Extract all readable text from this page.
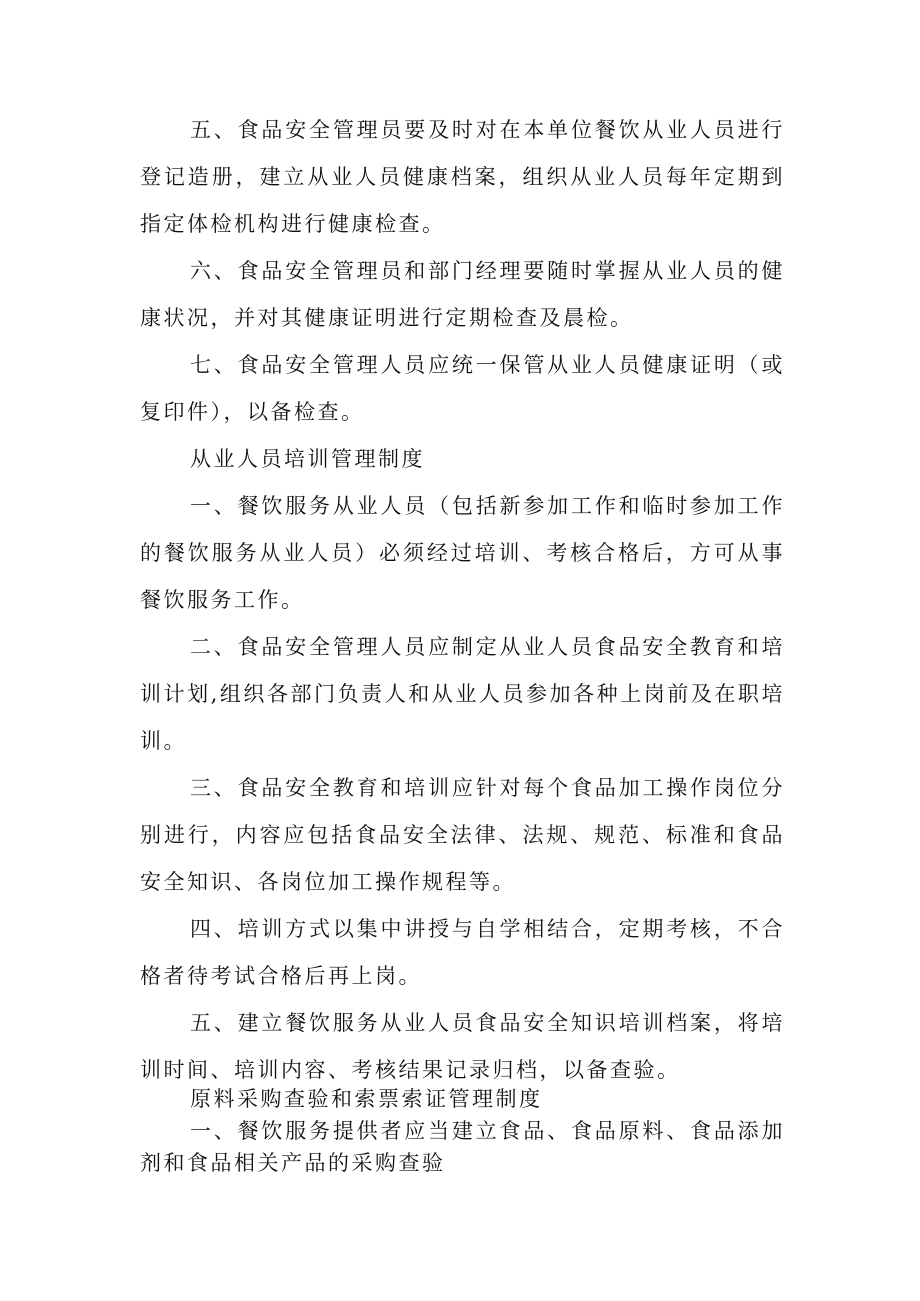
五、食品安全管理员要及时对在本单位餐饮从业人员进行登记造册，建立从业人员健康档案，组织从业人员每年定期到指定体检机构进行健康检查。

六、食品安全管理员和部门经理要随时掌握从业人员的健康状况，并对其健康证明进行定期检查及晨检。

七、食品安全管理人员应统一保管从业人员健康证明（或复印件），以备检查。

从业人员培训管理制度

一、餐饮服务从业人员（包括新参加工作和临时参加工作的餐饮服务从业人员）必须经过培训、考核合格后，方可从事餐饮服务工作。

二、食品安全管理人员应制定从业人员食品安全教育和培训计划,组织各部门负责人和从业人员参加各种上岗前及在职培训。

三、食品安全教育和培训应针对每个食品加工操作岗位分别进行，内容应包括食品安全法律、法规、规范、标准和食品安全知识、各岗位加工操作规程等。

四、培训方式以集中讲授与自学相结合，定期考核，不合格者待考试合格后再上岗。

五、建立餐饮服务从业人员食品安全知识培训档案，将培训时间、培训内容、考核结果记录归档，以备查验。

原料采购查验和索票索证管理制度

一、餐饮服务提供者应当建立食品、食品原料、食品添加剂和食品相关产品的采购查验
